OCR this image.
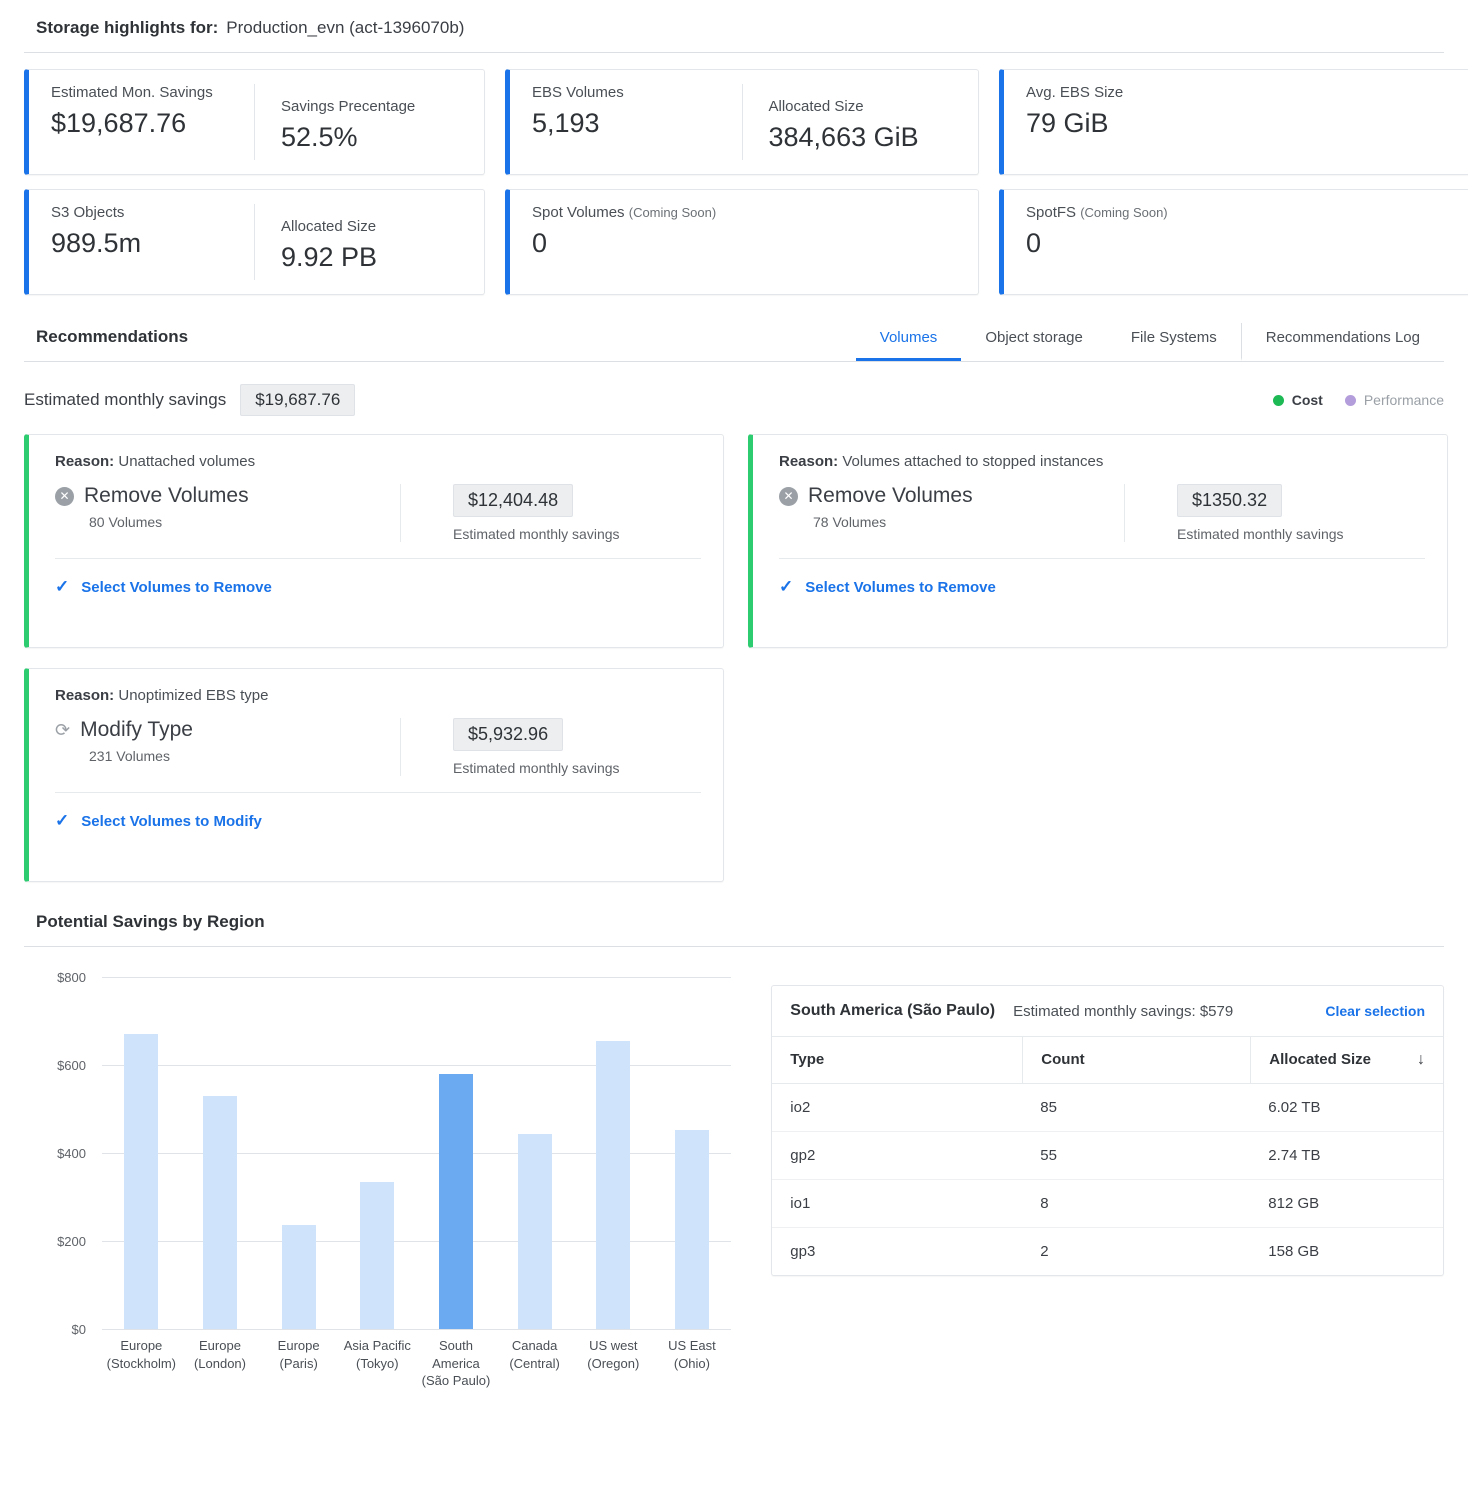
Storage highlights for: Production_evn (act-1396070b)
Estimated Mon. Savings
$19,687.76
Savings Precentage
52.5%
EBS Volumes
5,193
Allocated Size
384,663 GiB
Avg. EBS Size
79 GiB
S3 Objects
989.5m
Allocated Size
9.92 PB
Spot Volumes (Coming Soon)
0
SpotFS (Coming Soon)
0
Recommendations	Volumes	Object storage	File Systems	Recommendations Log
Estimated monthly savings	$19,687.76	Cost	Performance
Reason: Unattached volumes
✕ Remove Volumes
80 Volumes
$12,404.48
Estimated monthly savings
✓ Select Volumes to Remove
Reason: Volumes attached to stopped instances
✕ Remove Volumes
78 Volumes
$1350.32
Estimated monthly savings
✓ Select Volumes to Remove
Reason: Unoptimized EBS type
⟳ Modify Type
231 Volumes
$5,932.96
Estimated monthly savings
✓ Select Volumes to Modify
Potential Savings by Region
$0
$200
$400
$600
$800
Europe
(Stockholm)
Europe
(London)
Europe
(Paris)
Asia Pacific
(Tokyo)
South America
(São Paulo)
Canada
(Central)
US west
(Oregon)
US East
(Ohio)
South America (São Paulo) Estimated monthly savings: $579	Clear selection
Type	Count	Allocated Size	↓
io2	85	6.02 TB
gp2	55	2.74 TB
io1	8	812 GB
gp3	2	158 GB
